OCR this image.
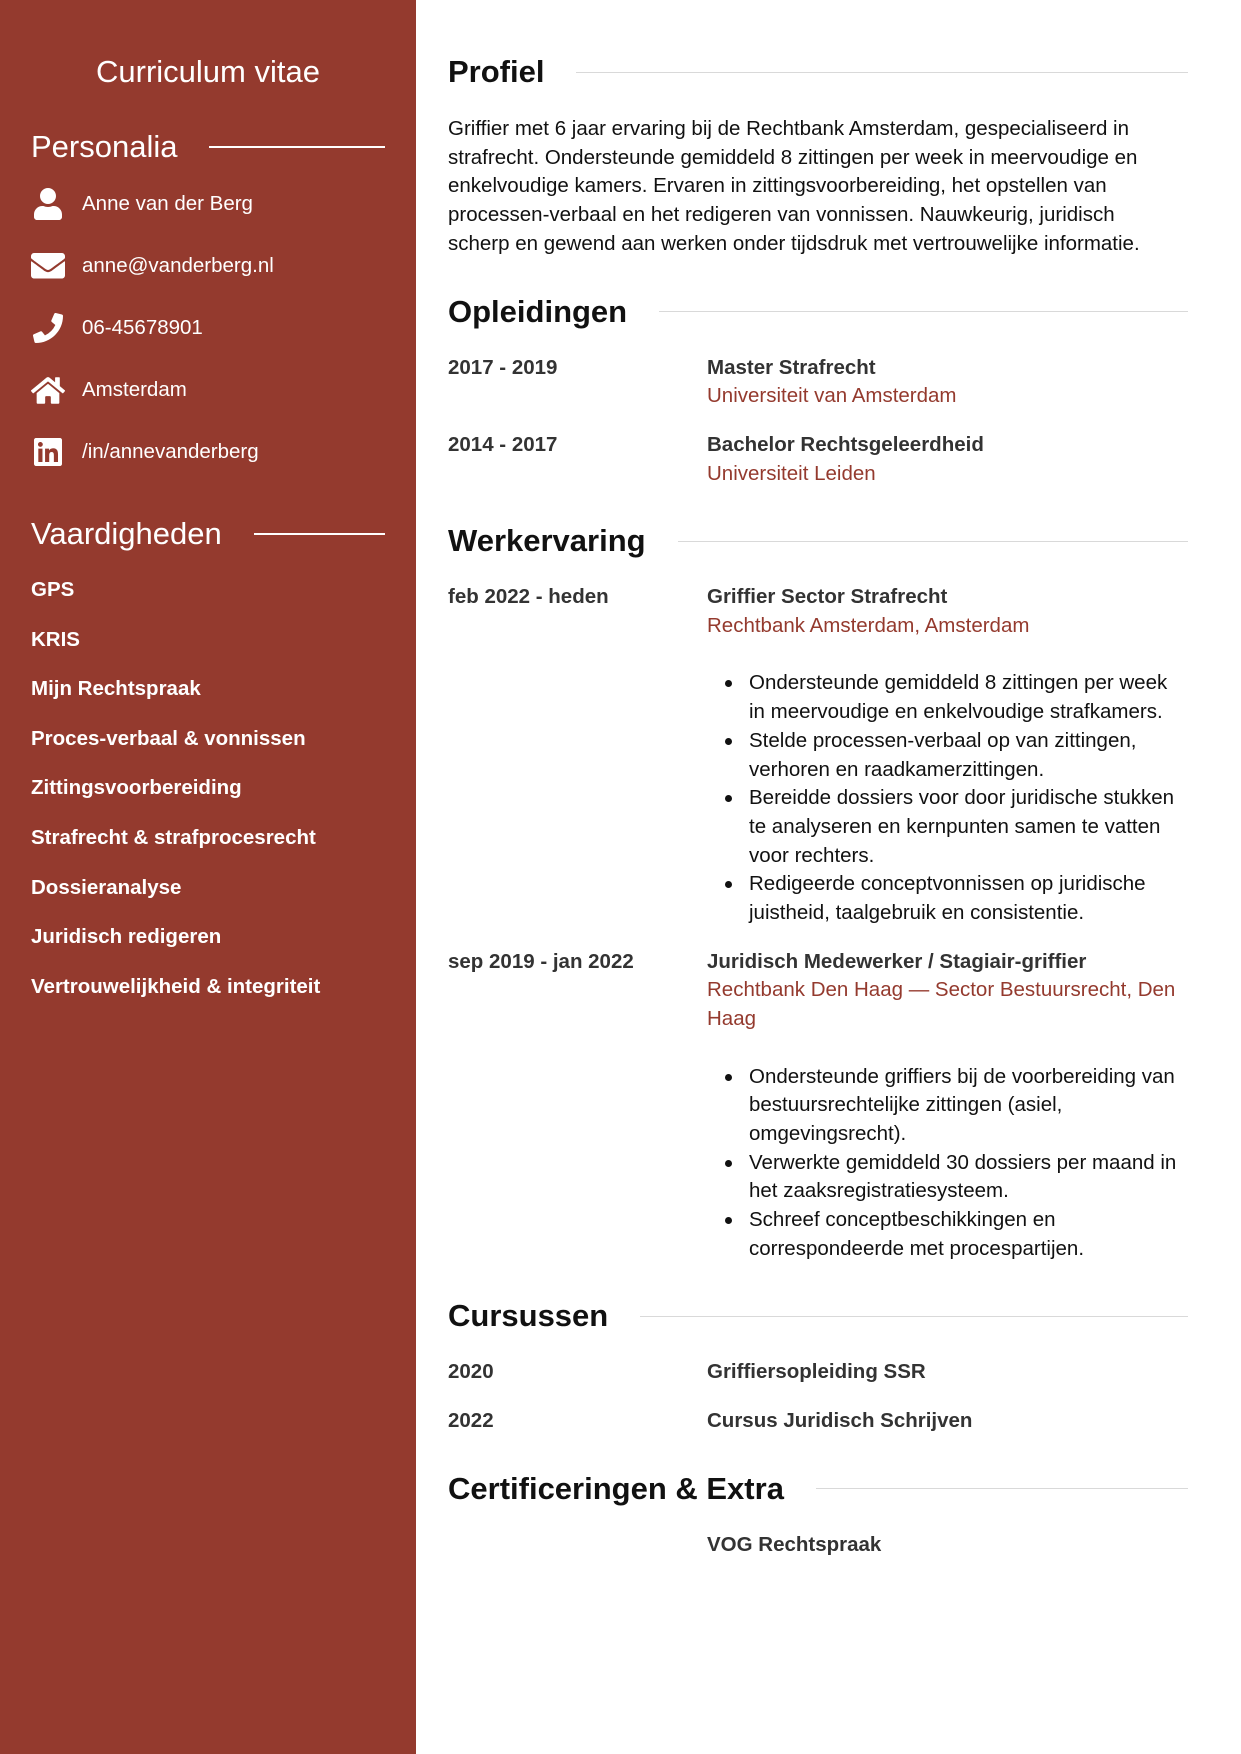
Curriculum vitae
Personalia
Anne van der Berg
anne@vanderberg.nl
06-45678901
Amsterdam
/in/annevanderberg
Vaardigheden
GPS
KRIS
Mijn Rechtspraak
Proces-verbaal & vonnissen
Zittingsvoorbereiding
Strafrecht & strafprocesrecht
Dossieranalyse
Juridisch redigeren
Vertrouwelijkheid & integriteit
Profiel

Griffier met 6 jaar ervaring bij de Rechtbank Amsterdam, gespecialiseerd in strafrecht. Ondersteunde gemiddeld 8 zittingen per week in meervoudige en enkelvoudige kamers. Ervaren in zittingsvoorbereiding, het opstellen van processen-verbaal en het redigeren van vonnissen. Nauwkeurig, juridisch scherp en gewend aan werken onder tijdsdruk met vertrouwelijke informatie.

Opleidingen
2017 - 2019	Master Strafrecht
Universiteit van Amsterdam
2014 - 2017	Bachelor Rechtsgeleerdheid
Universiteit Leiden
Werkervaring
feb 2022 - heden	Griffier Sector Strafrecht
Rechtbank Amsterdam, Amsterdam
Ondersteunde gemiddeld 8 zittingen per week in meervoudige en enkelvoudige strafkamers.
Stelde processen-verbaal op van zittingen, verhoren en raadkamerzittingen.
Bereidde dossiers voor door juridische stukken te analyseren en kernpunten samen te vatten voor rechters.
Redigeerde conceptvonnissen op juridische juistheid, taalgebruik en consistentie.
sep 2019 - jan 2022	Juridisch Medewerker / Stagiair-griffier
Rechtbank Den Haag — Sector Bestuursrecht, Den Haag
Ondersteunde griffiers bij de voorbereiding van bestuursrechtelijke zittingen (asiel, omgevingsrecht).
Verwerkte gemiddeld 30 dossiers per maand in het zaaksregistratiesysteem.
Schreef conceptbeschikkingen en correspondeerde met procespartijen.
Cursussen
2020	Griffiersopleiding SSR
2022	Cursus Juridisch Schrijven
Certificeringen & Extra
VOG Rechtspraak
